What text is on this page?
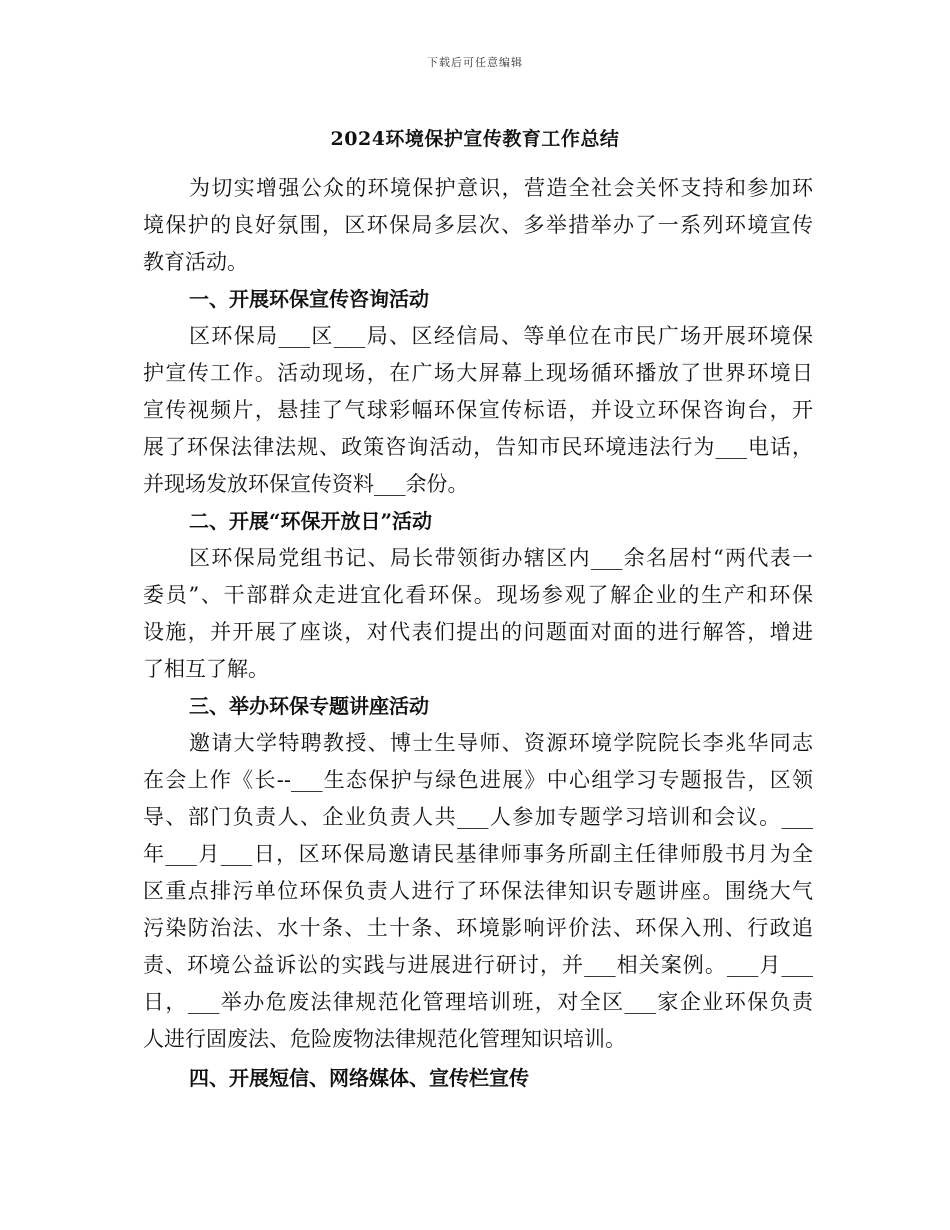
下载后可任意编辑
2024环境保护宣传教育工作总结
为切实增强公众的环境保护意识，营造全社会关怀支持和参加环
境保护的良好氛围，区环保局多层次、多举措举办了一系列环境宣传
教育活动。
一、开展环保宣传咨询活动
区环保局___区___局、区经信局、等单位在市民广场开展环境保
护宣传工作。活动现场，在广场大屏幕上现场循环播放了世界环境日
宣传视频片，悬挂了气球彩幅环保宣传标语，并设立环保咨询台，开
展了环保法律法规、政策咨询活动，告知市民环境违法行为___电话，
并现场发放环保宣传资料___余份。
二、开展“环保开放日”活动
区环保局党组书记、局长带领街办辖区内___余名居村“两代表一
委员”、干部群众走进宜化看环保。现场参观了解企业的生产和环保
设施，并开展了座谈，对代表们提出的问题面对面的进行解答，增进
了相互了解。
三、举办环保专题讲座活动
邀请大学特聘教授、博士生导师、资源环境学院院长李兆华同志
在会上作《长--___生态保护与绿色进展》中心组学习专题报告，区领
导、部门负责人、企业负责人共___人参加专题学习培训和会议。___
年___月___日，区环保局邀请民基律师事务所副主任律师殷书月为全
区重点排污单位环保负责人进行了环保法律知识专题讲座。围绕大气
污染防治法、水十条、土十条、环境影响评价法、环保入刑、行政追
责、环境公益诉讼的实践与进展进行研讨，并___相关案例。___月___
日，___举办危废法律规范化管理培训班，对全区___家企业环保负责
人进行固废法、危险废物法律规范化管理知识培训。
四、开展短信、网络媒体、宣传栏宣传
